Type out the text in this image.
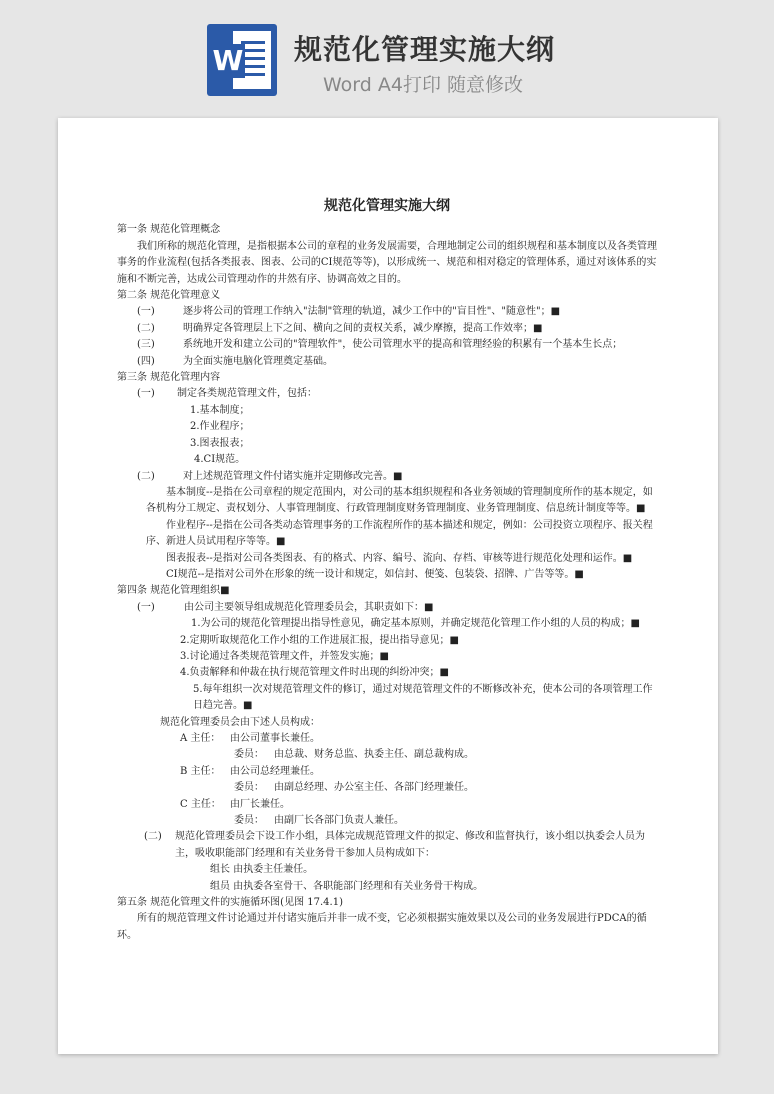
W 规范化管理实施大纲
Word A4打印 随意修改
规范化管理实施大纲

第一条 规范化管理概念

我们所称的规范化管理，是指根据本公司的章程的业务发展需要，合理地制定公司的组织规程和基本制度以及各类管理事务的作业流程(包括各类报表、图表、公司的CI规范等等)，以形成统一、规范和相对稳定的管理体系，通过对该体系的实施和不断完善，达成公司管理动作的井然有序、协调高效之目的。

第二条 规范化管理意义

(一)	逐步将公司的管理工作纳入"法制"管理的轨道，减少工作中的"盲目性"、"随意性"；■
(二)	明确界定各管理层上下之间、横向之间的责权关系，减少摩擦，提高工作效率；■
(三)	系统地开发和建立公司的"管理软件"，使公司管理水平的提高和管理经验的积累有一个基本生长点；
(四)	为全面实施电脑化管理奠定基础。

第三条 规范化管理内容

(一)	制定各类规范管理文件，包括：

1.基本制度；

2.作业程序；

3.图表报表；

4.CI规范。

(二)	对上述规范管理文件付诸实施并定期修改完善。■

基本制度--是指在公司章程的规定范围内，对公司的基本组织规程和各业务领域的管理制度所作的基本规定，如各机构分工规定、责权划分、人事管理制度、行政管理制度财务管理制度、业务管理制度、信息统计制度等等。■

作业程序--是指在公司各类动态管理事务的工作流程所作的基本描述和规定，例如：公司投资立项程序、报关程序、新进人员试用程序等等。■

图表报表--是指对公司各类图表、有的格式、内容、编号、流向、存档、审核等进行规范化处理和运作。■

CI规范--是指对公司外在形象的统一设计和规定，如信封、便笺、包装袋、招牌、广告等等。■

第四条 规范化管理组织■

(一)	由公司主要领导组成规范化管理委员会，其职责如下：■

1.为公司的规范化管理提出指导性意见，确定基本原则，并确定规范化管理工作小组的人员的构成；■

2.定期听取规范化工作小组的工作进展汇报，提出指导意见；■

3.讨论通过各类规范管理文件，并签发实施；■

4.负责解释和仲裁在执行规范管理文件时出现的纠纷冲突；■

5.每年组织一次对规范管理文件的修订，通过对规范管理文件的不断修改补充，使本公司的各项管理工作日趋完善。■

规范化管理委员会由下述人员构成：

A 主任： 由公司董事长兼任。
委员：	由总裁、财务总监、执委主任、副总裁构成。
B 主任： 由公司总经理兼任。
委员：	由副总经理、办公室主任、各部门经理兼任。
C 主任： 由厂长兼任。
委员：	由副厂长各部门负责人兼任。
(二)	规范化管理委员会下设工作小组，具体完成规范管理文件的拟定、修改和监督执行，该小组以执委会人员为主，吸收职能部门经理和有关业务骨干参加人员构成如下：

组长 由执委主任兼任。

组员 由执委各室骨干、各职能部门经理和有关业务骨干构成。

第五条 规范化管理文件的实施循环图(见图 17.4.1)

所有的规范管理文件讨论通过并付诸实施后并非一成不变，它必须根据实施效果以及公司的业务发展进行PDCA的循环。
